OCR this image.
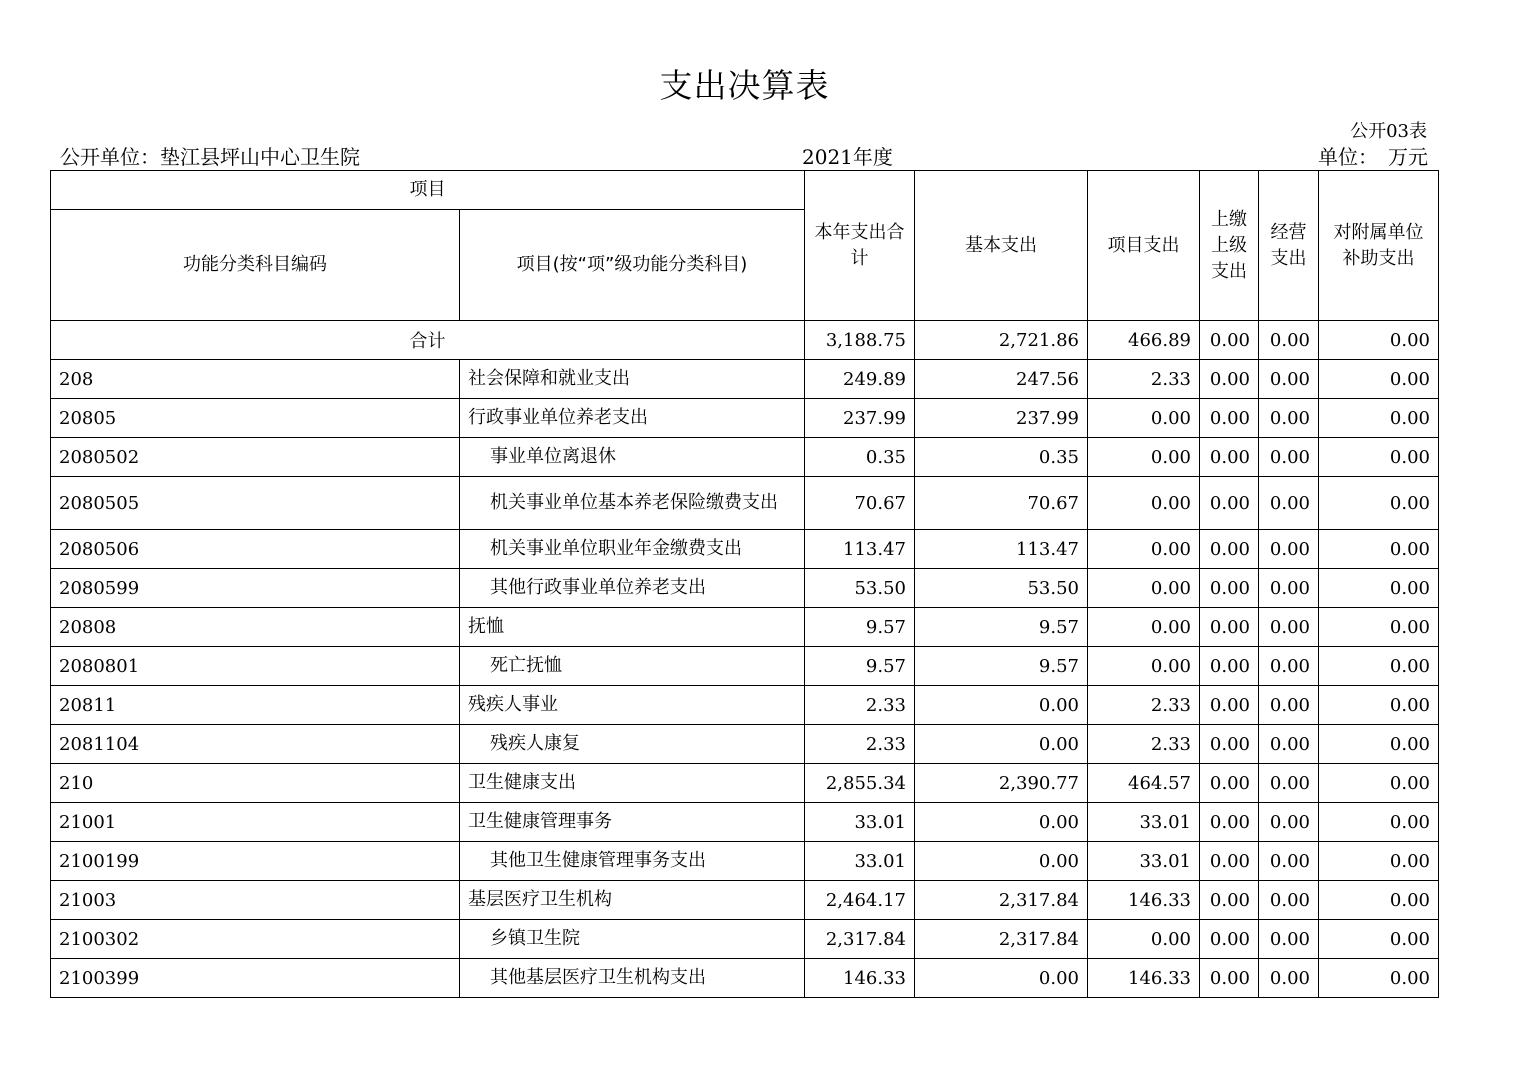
支出决算表
公开03表
公开单位：垫江县坪山中心卫生院	2021年度	单位： 万元
项目		本年支出合计	基本支出	项目支出	上缴上级支出	经营支出	对附属单位补助支出
功能分类科目编码	项目(按“项”级功能分类科目)						
合计		3,188.75	2,721.86	466.89	0.00	0.00	0.00
208	社会保障和就业支出	249.89	247.56	2.33	0.00	0.00	0.00
20805	行政事业单位养老支出	237.99	237.99	0.00	0.00	0.00	0.00
2080502	事业单位离退休	0.35	0.35	0.00	0.00	0.00	0.00
2080505	机关事业单位基本养老保险缴费支出	70.67	70.67	0.00	0.00	0.00	0.00
2080506	机关事业单位职业年金缴费支出	113.47	113.47	0.00	0.00	0.00	0.00
2080599	其他行政事业单位养老支出	53.50	53.50	0.00	0.00	0.00	0.00
20808	抚恤	9.57	9.57	0.00	0.00	0.00	0.00
2080801	死亡抚恤	9.57	9.57	0.00	0.00	0.00	0.00
20811	残疾人事业	2.33	0.00	2.33	0.00	0.00	0.00
2081104	残疾人康复	2.33	0.00	2.33	0.00	0.00	0.00
210	卫生健康支出	2,855.34	2,390.77	464.57	0.00	0.00	0.00
21001	卫生健康管理事务	33.01	0.00	33.01	0.00	0.00	0.00
2100199	其他卫生健康管理事务支出	33.01	0.00	33.01	0.00	0.00	0.00
21003	基层医疗卫生机构	2,464.17	2,317.84	146.33	0.00	0.00	0.00
2100302	乡镇卫生院	2,317.84	2,317.84	0.00	0.00	0.00	0.00
2100399	其他基层医疗卫生机构支出	146.33	0.00	146.33	0.00	0.00	0.00
